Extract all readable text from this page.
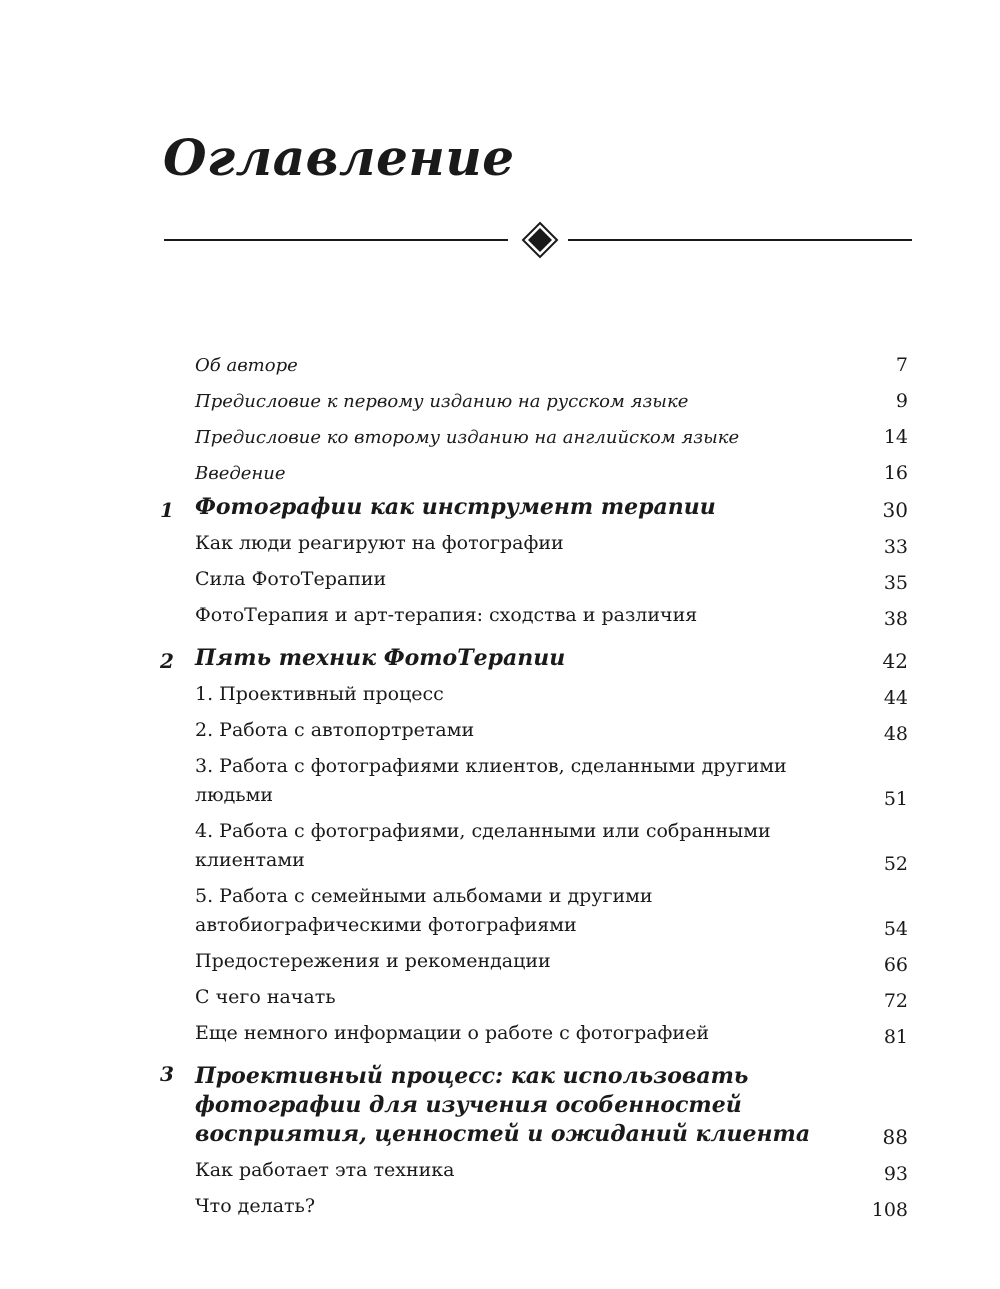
Оглавление
Об авторе	7
Предисловие к первому изданию на русском языке	9
Предисловие ко второму изданию на английском языке	14
Введение	16
1 Фотографии как инструмент терапии	30
Как люди реагируют на фотографии	33
Сила ФотоТерапии	35
ФотоТерапия и арт-терапия: сходства и различия	38
2 Пять техник ФотоТерапии	42
1. Проективный процесс	44
2. Работа с автопортретами	48
3. Работа с фотографиями клиентов, сделанными другими людьми	51
4. Работа с фотографиями, сделанными или собранными клиентами	52
5. Работа с семейными альбомами и другими автобиографическими фотографиями	54
Предостережения и рекомендации	66
С чего начать	72
Еще немного информации о работе с фотографией	81
3 Проективный процесс: как использовать фотографии для изучения особенностей восприятия, ценностей и ожиданий клиента	88
Как работает эта техника	93
Что делать?	108
